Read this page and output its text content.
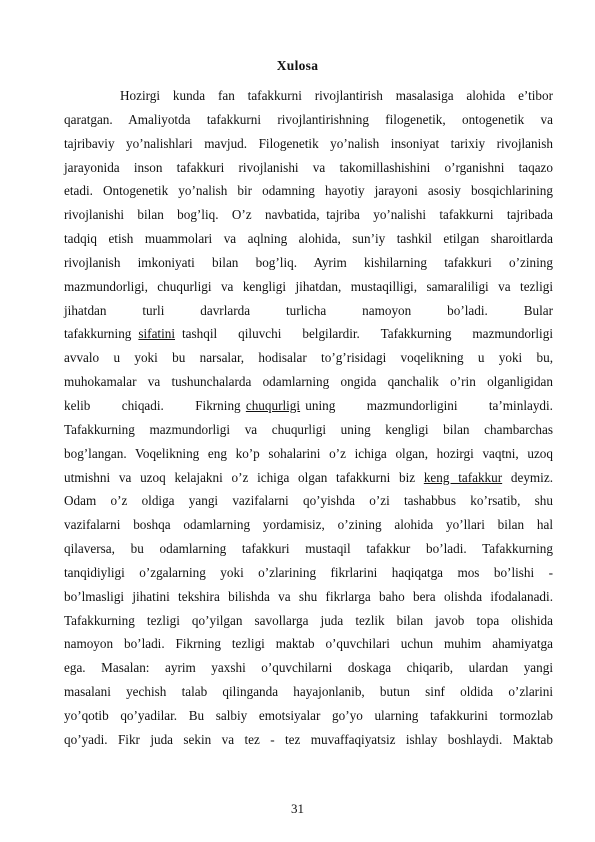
Xulosa
Hozirgi  kunda  fan  tafakkurni  rivojlantirish  masalasiga  alohida  e’tibor
qaratgan.  Amaliyotda  tafakkurni  rivojlantirishning  filogenetik,  ontogenetik  va
tajribaviy yo’nalishlari mavjud. Filogenetik yo’nalish insoniyat tarixiy rivojlanish
jarayonida  inson  tafakkuri  rivojlanishi  va  takomillashishini  o’rganishni  taqazo
etadi. Ontogenetik yo’nalish bir odamning hayotiy jarayoni asosiy bosqichlarining
rivojlanishi  bilan  bog’liq.  O’z  navbatida, tajriba  yo’nalishi  tafakkurni  tajribada
tadqiq  etish  muammolari  va  aqlning  alohida,  sun’iy  tashkil  etilgan  sharoitlarda
rivojlanish   imkoniyati   bilan   bog’liq.   Ayrim   kishilarning   tafakkuri   o’zining
mazmundorligi, chuqurligi va kengligi jihatdan, mustaqilligi, samaraliligi va tezligi
jihatdan      turli      davrlarda      turlicha      namoyon      bo’ladi.      Bular
tafakkurning sifatini tashqil   qiluvchi   belgilardir.   Tafakkurning   mazmundorligi
avvalo   u   yoki   bu   narsalar,   hodisalar   to’g’risidagi   voqelikning   u   yoki   bu,
muhokamalar va tushunchalarda odamlarning ongida qanchalik o’rin olganligidan
kelib      chiqadi.      Fikrning chuqurligi uning      mazmundorligini      ta’minlaydi.
Tafakkurning  mazmundorligi  va  chuqurligi  uning  kengligi  bilan  chambarchas
bog’langan. Voqelikning eng ko’p sohalarini o’z ichiga olgan, hozirgi vaqtni, uzoq
utmishni va uzoq kelajakni o’z ichiga olgan tafakkurni biz keng tafakkur deymiz.
Odam  o’z  oldiga  yangi  vazifalarni  qo’yishda  o’zi  tashabbus  ko’rsatib,  shu
vazifalarni  boshqa  odamlarning  yordamisiz,  o’zining  alohida  yo’llari  bilan  hal
qilaversa,  bu  odamlarning  tafakkuri  mustaqil  tafakkur  bo’ladi.  Tafakkurning
tanqidiyligi  o’zgalarning  yoki  o’zlarining  fikrlarini  haqiqatga  mos  bo’lishi  -
bo’lmasligi jihatini tekshira bilishda va shu fikrlarga baho bera olishda ifodalanadi.
Tafakkurning  tezligi  qo’yilgan  savollarga  juda  tezlik  bilan  javob  topa  olishida
namoyon bo’ladi. Fikrning tezligi maktab o’quvchilari uchun muhim ahamiyatga
ega.  Masalan:  ayrim  yaxshi  o’quvchilarni  doskaga  chiqarib,  ulardan  yangi
masalani  yechish  talab  qilinganda  hayajonlanib,  butun  sinf  oldida  o’zlarini
yo’qotib  qo’yadilar.  Bu  salbiy  emotsiyalar  go’yo  ularning  tafakkurini  tormozlab
qo’yadi.  Fikr  juda  sekin  va  tez  -  tez  muvaffaqiyatsiz  ishlay  boshlaydi.  Maktab
31
